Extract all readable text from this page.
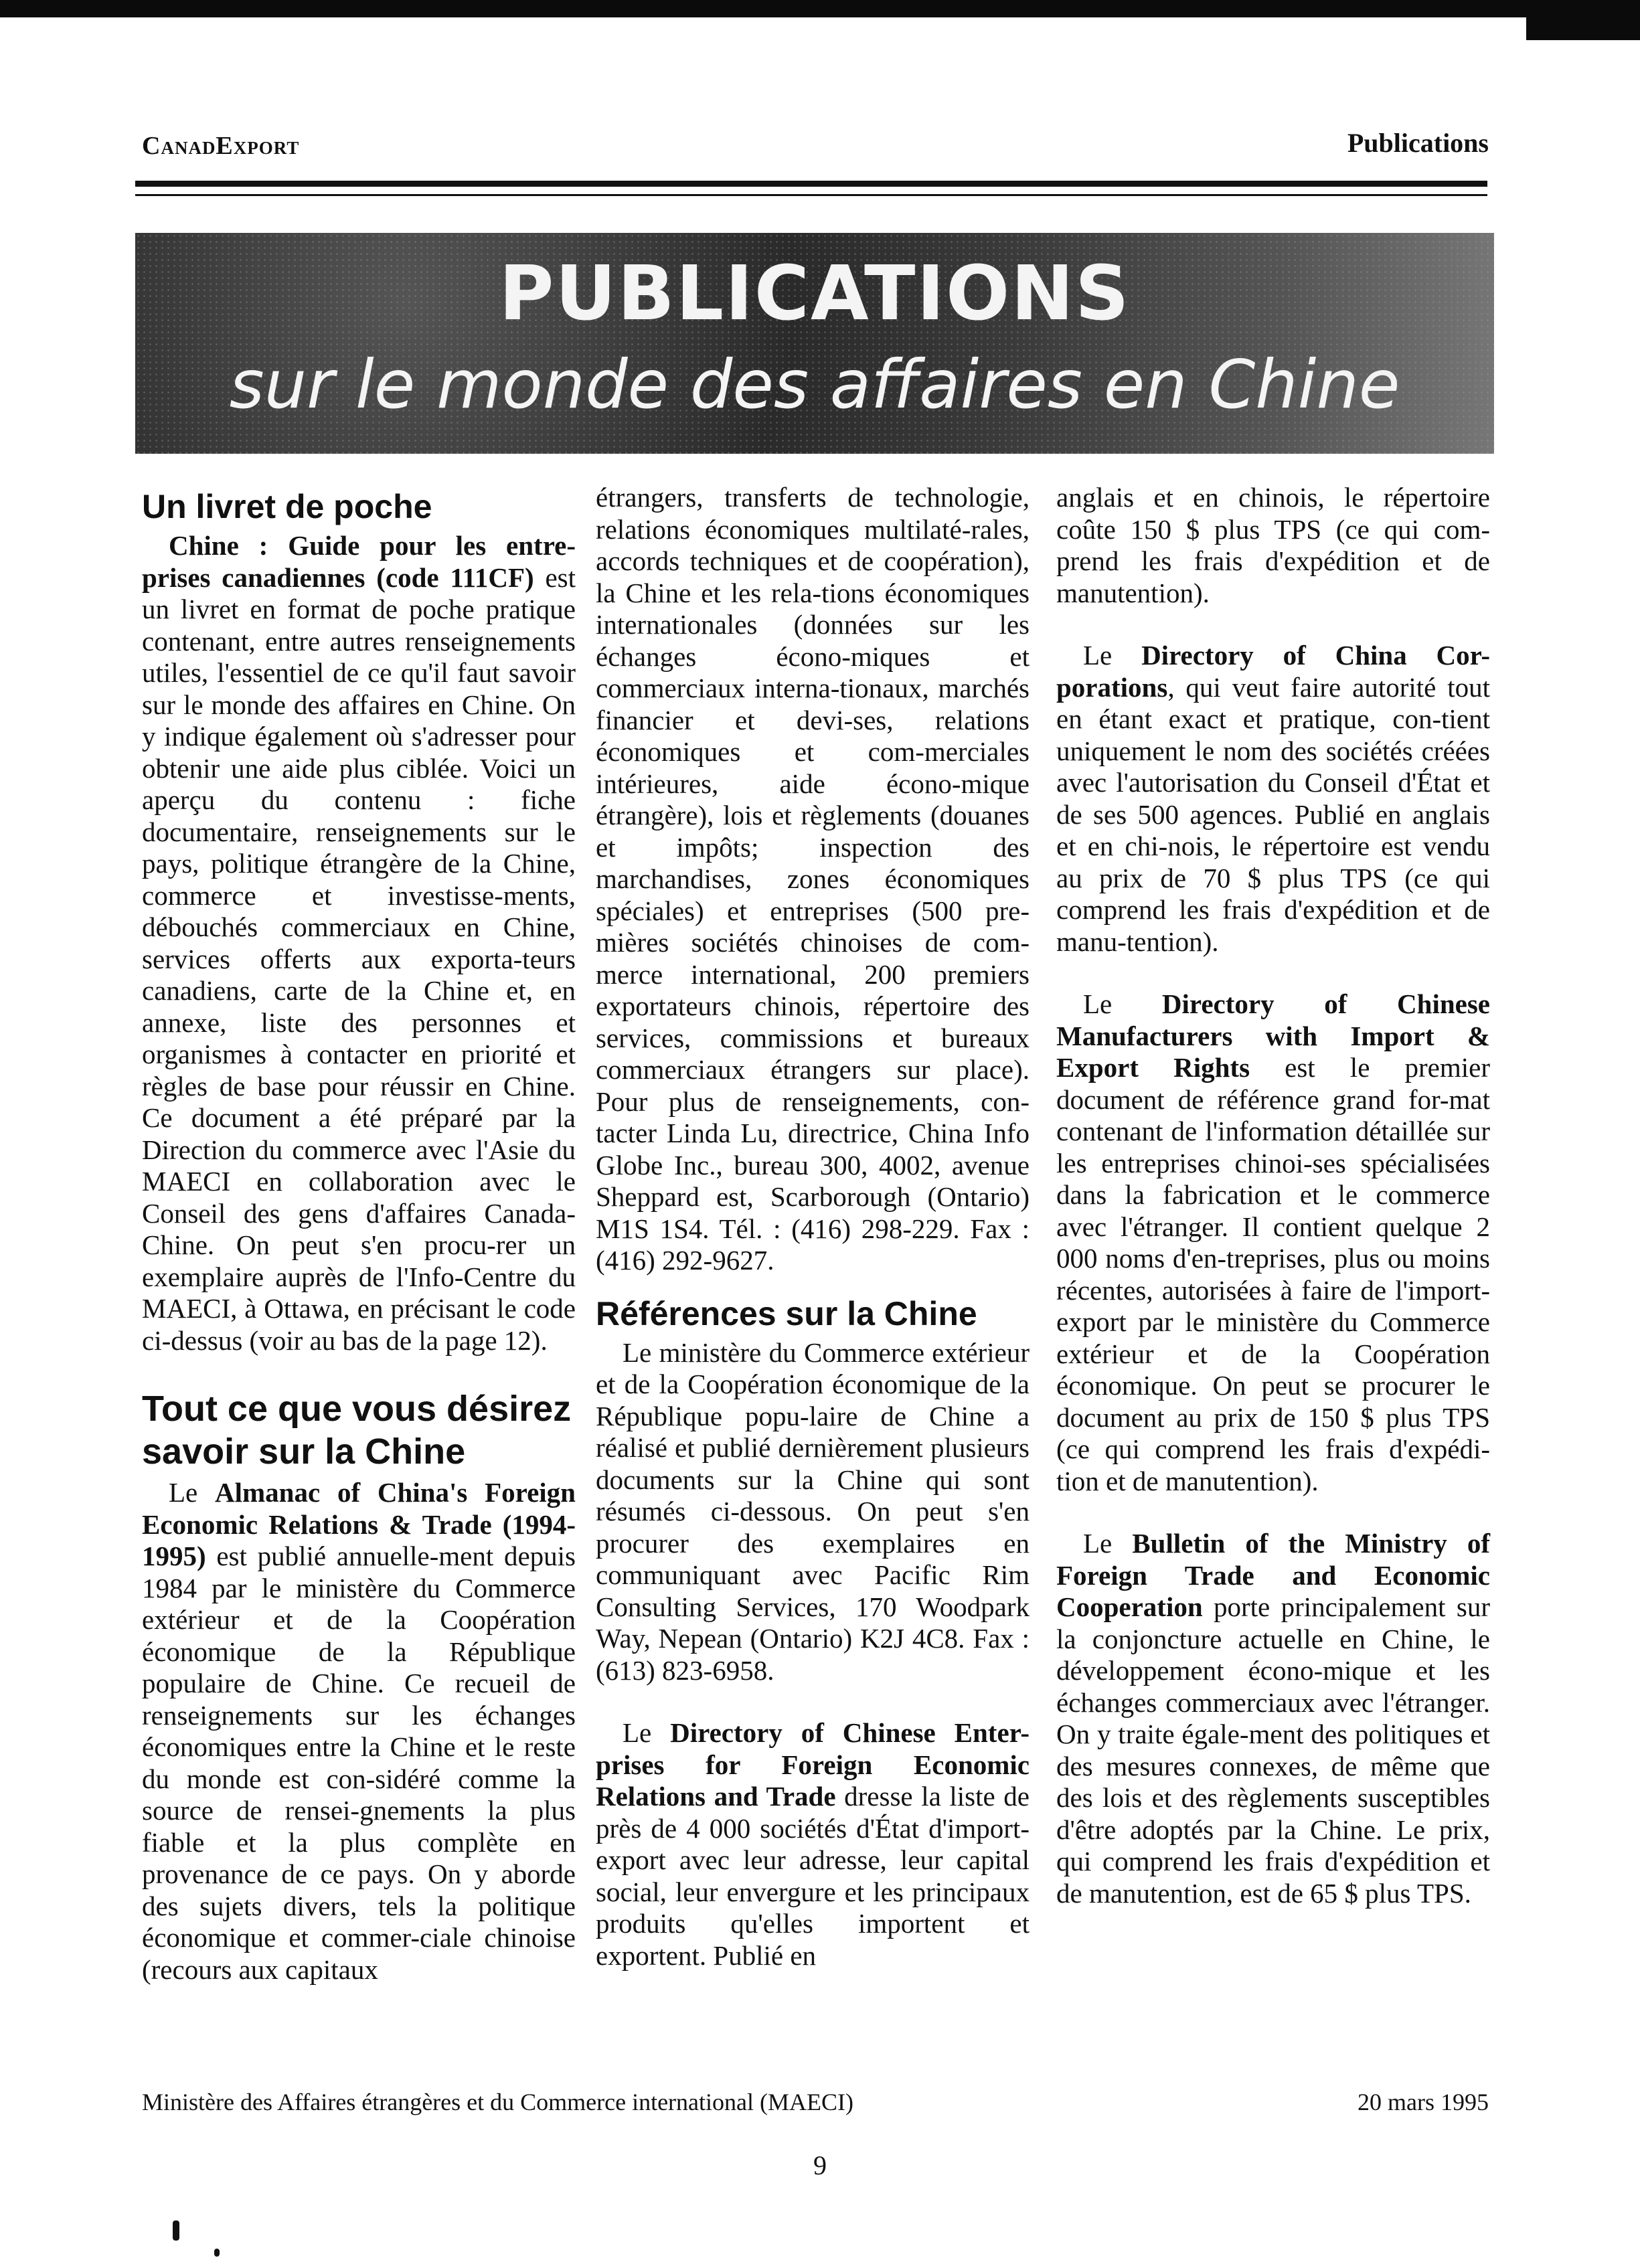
CanadExport	Publications
PUBLICATIONS
sur le monde des affaires en Chine
Un livret de poche

Chine : Guide pour les entre-prises canadiennes (code 111CF) est un livret en format de poche pratique contenant, entre autres renseignements utiles, l'essentiel de ce qu'il faut savoir sur le monde des affaires en Chine. On y indique également où s'adresser pour obtenir une aide plus ciblée. Voici un aperçu du contenu : fiche documentaire, renseignements sur le pays, politique étrangère de la Chine, commerce et investisse-ments, débouchés commerciaux en Chine, services offerts aux exporta-teurs canadiens, carte de la Chine et, en annexe, liste des personnes et organismes à contacter en priorité et règles de base pour réussir en Chine. Ce document a été préparé par la Direction du commerce avec l'Asie du MAECI en collaboration avec le Conseil des gens d'affaires Canada-Chine. On peut s'en procu-rer un exemplaire auprès de l'Info-Centre du MAECI, à Ottawa, en précisant le code ci-dessus (voir au bas de la page 12).

Tout ce que vous désirez savoir sur la Chine

Le Almanac of China's Foreign Economic Relations & Trade (1994-1995) est publié annuelle-ment depuis 1984 par le ministère du Commerce extérieur et de la Coopération économique de la République populaire de Chine. Ce recueil de renseignements sur les échanges économiques entre la Chine et le reste du monde est con-sidéré comme la source de rensei-gnements la plus fiable et la plus complète en provenance de ce pays. On y aborde des sujets divers, tels la politique économique et commer-ciale chinoise (recours aux capitaux

étrangers, transferts de technologie, relations économiques multilaté-rales, accords techniques et de coopération), la Chine et les rela-tions économiques internationales (données sur les échanges écono-miques et commerciaux interna-tionaux, marchés financier et devi-ses, relations économiques et com-merciales intérieures, aide écono-mique étrangère), lois et règlements (douanes et impôts; inspection des marchandises, zones économiques spéciales) et entreprises (500 pre-mières sociétés chinoises de com-merce international, 200 premiers exportateurs chinois, répertoire des services, commissions et bureaux commerciaux étrangers sur place). Pour plus de renseignements, con-tacter Linda Lu, directrice, China Info Globe Inc., bureau 300, 4002, avenue Sheppard est, Scarborough (Ontario) M1S 1S4. Tél. : (416) 298-229. Fax : (416) 292-9627.

Références sur la Chine

Le ministère du Commerce extérieur et de la Coopération économique de la République popu-laire de Chine a réalisé et publié dernièrement plusieurs documents sur la Chine qui sont résumés ci-dessous. On peut s'en procurer des exemplaires en communiquant avec Pacific Rim Consulting Services, 170 Woodpark Way, Nepean (Ontario) K2J 4C8. Fax : (613) 823-6958.

Le Directory of Chinese Enter-prises for Foreign Economic Relations and Trade dresse la liste de près de 4 000 sociétés d'État d'import-export avec leur adresse, leur capital social, leur envergure et les principaux produits qu'elles importent et exportent. Publié en

anglais et en chinois, le répertoire coûte 150 $ plus TPS (ce qui com-prend les frais d'expédition et de manutention).

Le Directory of China Cor-porations, qui veut faire autorité tout en étant exact et pratique, con-tient uniquement le nom des sociétés créées avec l'autorisation du Conseil d'État et de ses 500 agences. Publié en anglais et en chi-nois, le répertoire est vendu au prix de 70 $ plus TPS (ce qui comprend les frais d'expédition et de manu-tention).

Le Directory of Chinese Manufacturers with Import & Export Rights est le premier document de référence grand for-mat contenant de l'information détaillée sur les entreprises chinoi-ses spécialisées dans la fabrication et le commerce avec l'étranger. Il contient quelque 2 000 noms d'en-treprises, plus ou moins récentes, autorisées à faire de l'import-export par le ministère du Commerce extérieur et de la Coopération économique. On peut se procurer le document au prix de 150 $ plus TPS (ce qui comprend les frais d'expédi-tion et de manutention).

Le Bulletin of the Ministry of Foreign Trade and Economic Cooperation porte principalement sur la conjoncture actuelle en Chine, le développement écono-mique et les échanges commerciaux avec l'étranger. On y traite égale-ment des politiques et des mesures connexes, de même que des lois et des règlements susceptibles d'être adoptés par la Chine. Le prix, qui comprend les frais d'expédition et de manutention, est de 65 $ plus TPS.

Ministère des Affaires étrangères et du Commerce international (MAECI)	20 mars 1995
9
